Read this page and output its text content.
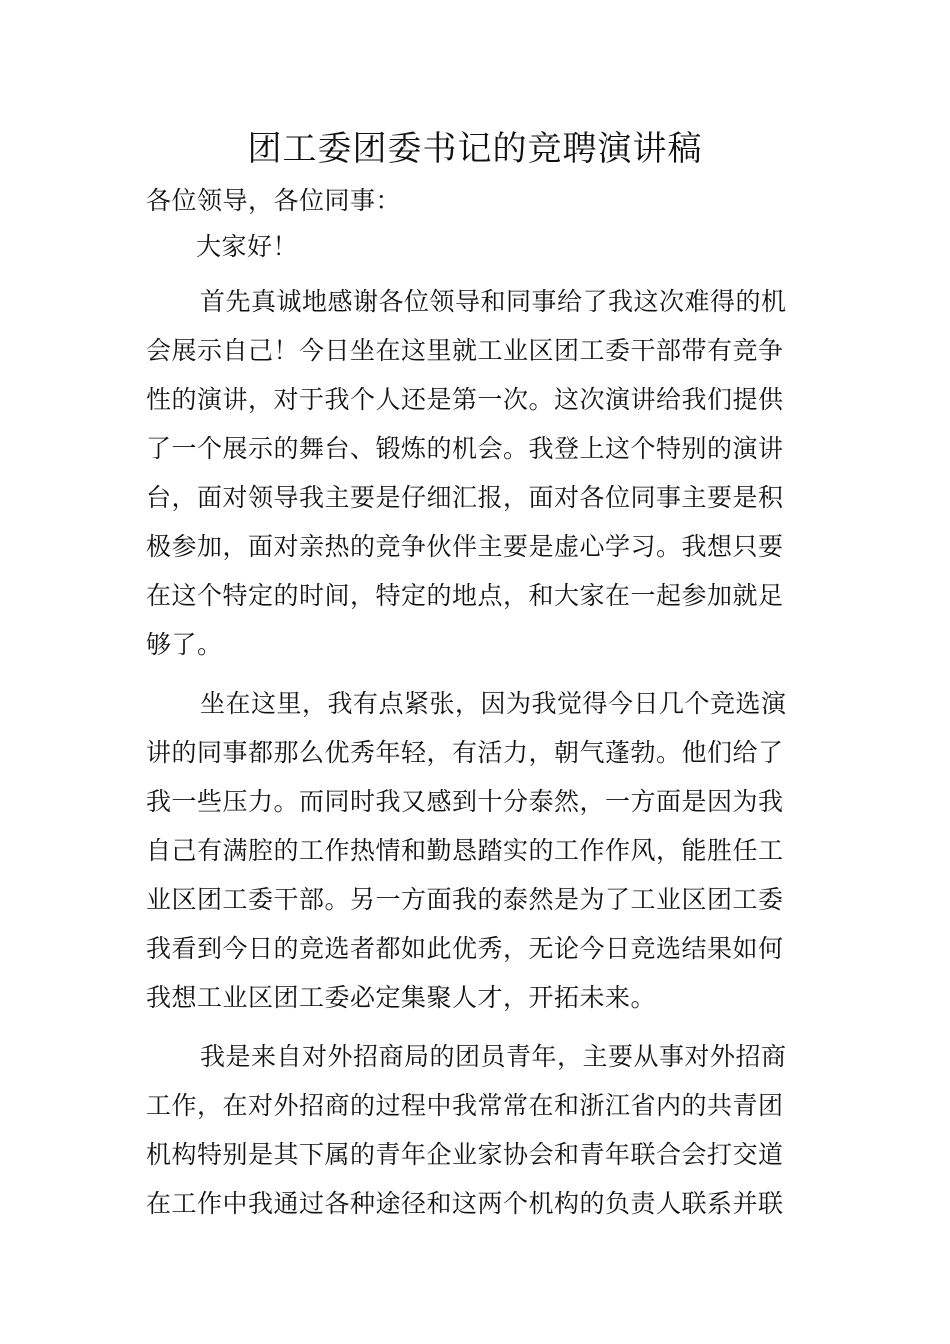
团工委团委书记的竞聘演讲稿
各位领导，各位同事：
大家好！
首先真诚地感谢各位领导和同事给了我这次难得的机
会展示自己！今日坐在这里就工业区团工委干部带有竞争
性的演讲，对于我个人还是第一次。这次演讲给我们提供
了一个展示的舞台、锻炼的机会。我登上这个特别的演讲
台，面对领导我主要是仔细汇报，面对各位同事主要是积
极参加，面对亲热的竞争伙伴主要是虚心学习。我想只要
在这个特定的时间，特定的地点，和大家在一起参加就足
够了。
坐在这里，我有点紧张，因为我觉得今日几个竞选演
讲的同事都那么优秀年轻，有活力，朝气蓬勃。他们给了
我一些压力。而同时我又感到十分泰然，一方面是因为我
自己有满腔的工作热情和勤恳踏实的工作作风，能胜任工
业区团工委干部。另一方面我的泰然是为了工业区团工委
我看到今日的竞选者都如此优秀，无论今日竞选结果如何
我想工业区团工委必定集聚人才，开拓未来。
我是来自对外招商局的团员青年，主要从事对外招商
工作，在对外招商的过程中我常常在和浙江省内的共青团
机构特别是其下属的青年企业家协会和青年联合会打交道
在工作中我通过各种途径和这两个机构的负责人联系并联
